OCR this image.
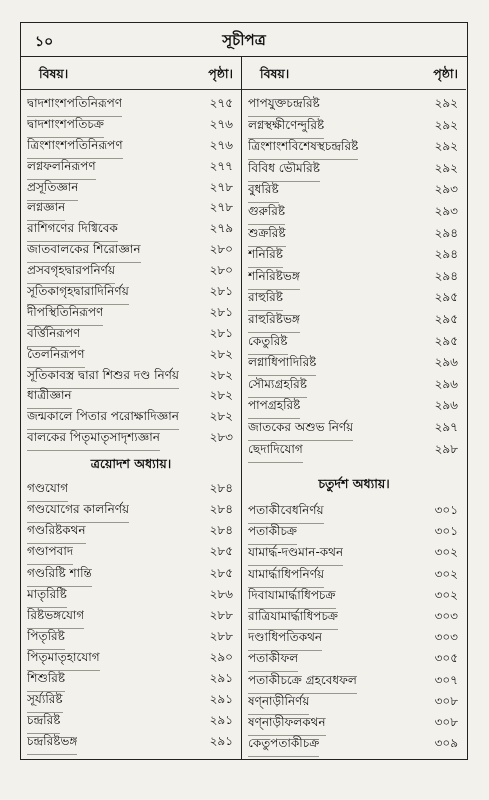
১০	সূচীপত্র
বিষয়।	পৃষ্ঠা।
দ্বাদশাংশপতিনিরূপণ	২৭৫
দ্বাদশাংশপতিচক্র	২৭৬
ত্রিংশাংশপতিনিরূপণ	২৭৬
লগ্নফলনিরূপণ	২৭৭
প্রসূতিজ্ঞান	২৭৮
লগ্নজ্ঞান	২৭৮
রাশিগণের দিগ্বিবেক	২৭৯
জাতবালকের শিরোজ্ঞান	২৮০
প্রসবগৃহদ্বারপনির্ণয়	২৮০
সূতিকাগৃহদ্বারাদিনির্ণয়	২৮১
দীপস্থিতিনিরূপণ	২৮১
বর্ত্তিনিরূপণ	২৮১
তৈলনিরূপণ	২৮২
সূতিকাবস্ত্র দ্বারা শিশুর দণ্ড নির্ণয়	২৮২
ধাত্রীজ্ঞান	২৮২
জন্মকালে পিতার পরোক্ষাদিজ্ঞান	২৮২
বালকের পিতৃমাতৃসাদৃশ্যজ্ঞান	২৮৩
ত্রয়োদশ অধ্যায়।
গণ্ডযোগ	২৮৪
গণ্ডযোগের কালনির্ণয়	২৮৪
গণ্ডরিষ্টকথন	২৮৪
গণ্ডাপবাদ	২৮৫
গণ্ডরিষ্টি শান্তি	২৮৫
মাতৃরিষ্টি	২৮৬
রিষ্টভঙ্গযোগ	২৮৮
পিতৃরিষ্ট	২৮৮
পিতৃমাতৃহাযোগ	২৯০
শিশুরিষ্ট	২৯১
সূর্য্যরিষ্ট	২৯১
চন্দ্ররিষ্ট	২৯১
চন্দ্ররিষ্টভঙ্গ	২৯১
বিষয়।	পৃষ্ঠা।
পাপযুক্তচন্দ্ররিষ্ট	২৯২
লগ্নস্থক্ষীণেন্দুরিষ্ট	২৯২
ত্রিংশাংশবিশেষস্থচন্দ্ররিষ্ট	২৯২
বিবিধ ভৌমরিষ্ট	২৯২
বুধরিষ্ট	২৯৩
গুরুরিষ্ট	২৯৩
শুক্ররিষ্ট	২৯৪
শনিরিষ্ট	২৯৪
শনিরিষ্টভঙ্গ	২৯৪
রাহুরিষ্ট	২৯৫
রাহুরিষ্টভঙ্গ	২৯৫
কেতুরিষ্ট	২৯৫
লগ্নাধিপাদিরিষ্ট	২৯৬
সৌম্যগ্রহরিষ্ট	২৯৬
পাপগ্রহরিষ্ট	২৯৬
জাতকের অশুভ নির্ণয়	২৯৭
ছেদাদিযোগ	২৯৮
চতুর্দশ অধ্যায়।
পতাকীবেধনির্ণয়	৩০১
পতাকীচক্র	৩০১
যামার্দ্ধ-দণ্ডমান-কথন	৩০২
যামার্দ্ধাধিপনির্ণয়	৩০২
দিবাযামার্দ্ধাধিপচক্র	৩০২
রাত্রিযামার্দ্ধাধিপচক্র	৩০৩
দণ্ডাধিপতিকথন	৩০৩
পতাকীফল	৩০৫
পতাকীচক্রে গ্রহবেধফল	৩০৭
ষণ্নাড়ীনির্ণয়	৩০৮
ষণ্নাড়ীফলকথন	৩০৮
কেতুপতাকীচক্র	৩০৯
